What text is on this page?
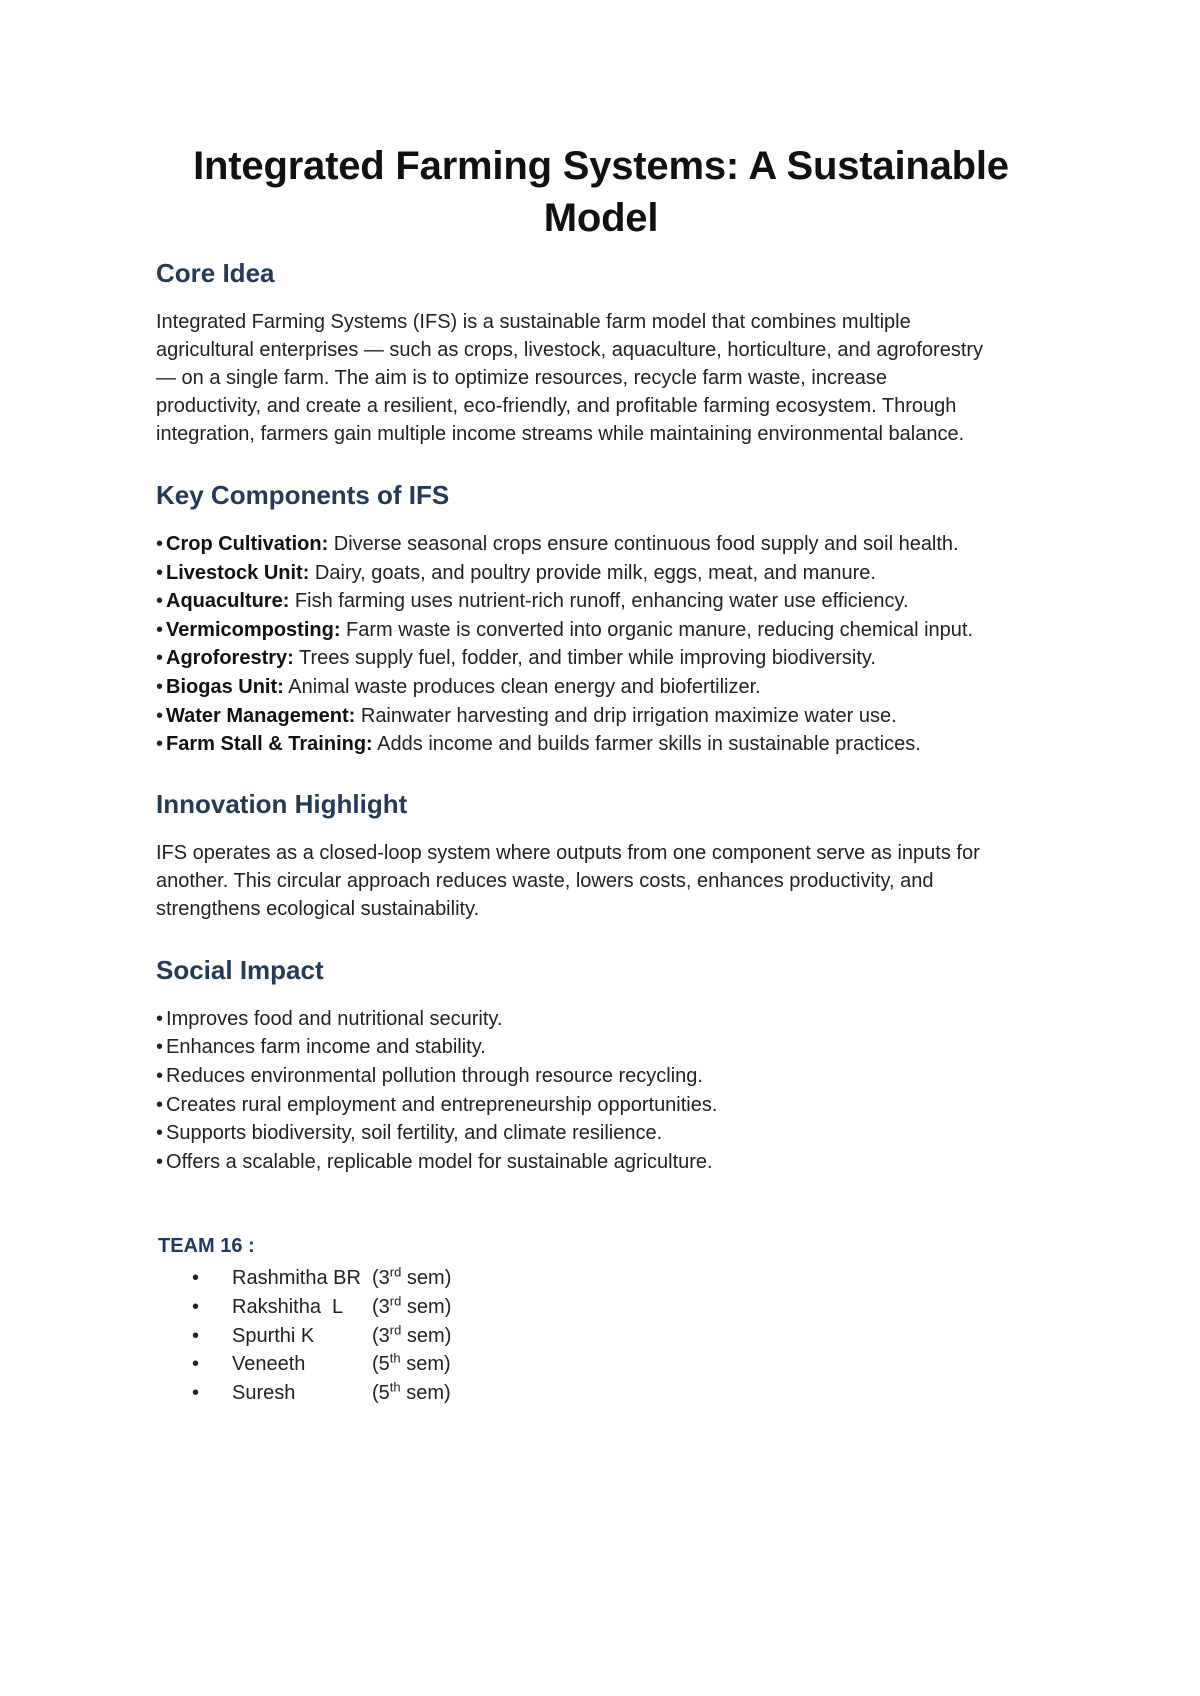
Integrated Farming Systems: A Sustainable Model
Core Idea

Integrated Farming Systems (IFS) is a sustainable farm model that combines multiple
agricultural enterprises — such as crops, livestock, aquaculture, horticulture, and agroforestry
— on a single farm. The aim is to optimize resources, recycle farm waste, increase
productivity, and create a resilient, eco-friendly, and profitable farming ecosystem. Through
integration, farmers gain multiple income streams while maintaining environmental balance.

Key Components of IFS
• Crop Cultivation: Diverse seasonal crops ensure continuous food supply and soil health.
• Livestock Unit: Dairy, goats, and poultry provide milk, eggs, meat, and manure.
• Aquaculture: Fish farming uses nutrient-rich runoff, enhancing water use efficiency.
• Vermicomposting: Farm waste is converted into organic manure, reducing chemical input.
• Agroforestry: Trees supply fuel, fodder, and timber while improving biodiversity.
• Biogas Unit: Animal waste produces clean energy and biofertilizer.
• Water Management: Rainwater harvesting and drip irrigation maximize water use.
• Farm Stall & Training: Adds income and builds farmer skills in sustainable practices.
Innovation Highlight

IFS operates as a closed-loop system where outputs from one component serve as inputs for
another. This circular approach reduces waste, lowers costs, enhances productivity, and
strengthens ecological sustainability.

Social Impact
• Improves food and nutritional security.
• Enhances farm income and stability.
• Reduces environmental pollution through resource recycling.
• Creates rural employment and entrepreneurship opportunities.
• Supports biodiversity, soil fertility, and climate resilience.
• Offers a scalable, replicable model for sustainable agriculture.
TEAM 16 :
• Rashmitha BR (3rd sem)
• Rakshitha  L (3rd sem)
• Spurthi K	(3rd sem)
• Veneeth	(5th sem)
• Suresh	(5th sem)
